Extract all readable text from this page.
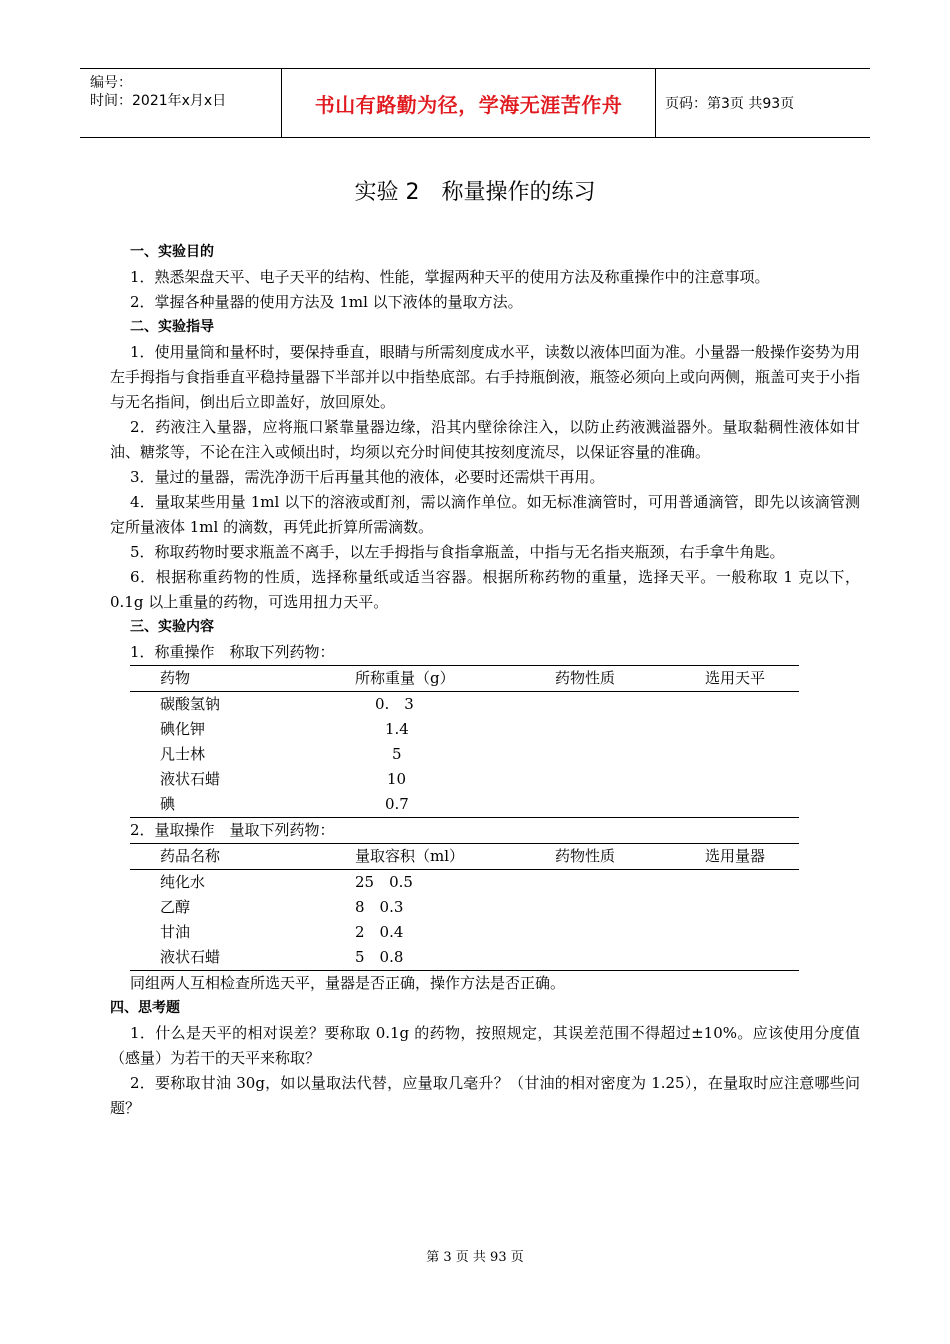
编号：
时间：2021年x月x日	书山有路勤为径，学海无涯苦作舟	页码：第3页 共93页
实验 2　称量操作的练习
一、实验目的
1．熟悉架盘天平、电子天平的结构、性能，掌握两种天平的使用方法及称重操作中的注意事项。
2．掌握各种量器的使用方法及 1ml 以下液体的量取方法。
二、实验指导
1．使用量筒和量杯时，要保持垂直，眼睛与所需刻度成水平，读数以液体凹面为准。小量器一般操作姿势为用左手拇指与食指垂直平稳持量器下半部并以中指垫底部。右手持瓶倒液，瓶签必须向上或向两侧，瓶盖可夹于小指与无名指间，倒出后立即盖好，放回原处。
2．药液注入量器，应将瓶口紧靠量器边缘，沿其内壁徐徐注入，以防止药液溅溢器外。量取黏稠性液体如甘油、糖浆等，不论在注入或倾出时，均须以充分时间使其按刻度流尽，以保证容量的准确。
3．量过的量器，需洗净沥干后再量其他的液体，必要时还需烘干再用。
4．量取某些用量 1ml 以下的溶液或酊剂，需以滴作单位。如无标准滴管时，可用普通滴管，即先以该滴管测定所量液体 1ml 的滴数，再凭此折算所需滴数。
5．称取药物时要求瓶盖不离手，以左手拇指与食指拿瓶盖，中指与无名指夹瓶颈，右手拿牛角匙。
6．根据称重药物的性质，选择称量纸或适当容器。根据所称药物的重量，选择天平。一般称取 1 克以下，0.1g 以上重量的药物，可选用扭力天平。
三、实验内容
1．称重操作　称取下列药物：
药物	所称重量（g）	药物性质	选用天平
碳酸氢钠	0.　3		
碘化钾	1.4		
凡士林	5		
液状石蜡	10		
碘	0.7		
2．量取操作　量取下列药物：
药品名称	量取容积（ml）	药物性质	选用量器
纯化水	25　0.5		
乙醇	8　0.3		
甘油	2　0.4		
液状石蜡	5　0.8		
同组两人互相检查所选天平，量器是否正确，操作方法是否正确。
四、思考题
1．什么是天平的相对误差？要称取 0.1g 的药物，按照规定，其误差范围不得超过±10%。应该使用分度值（感量）为若干的天平来称取？
2．要称取甘油 30g，如以量取法代替，应量取几毫升？（甘油的相对密度为 1.25），在量取时应注意哪些问题？
第 3 页 共 93 页
